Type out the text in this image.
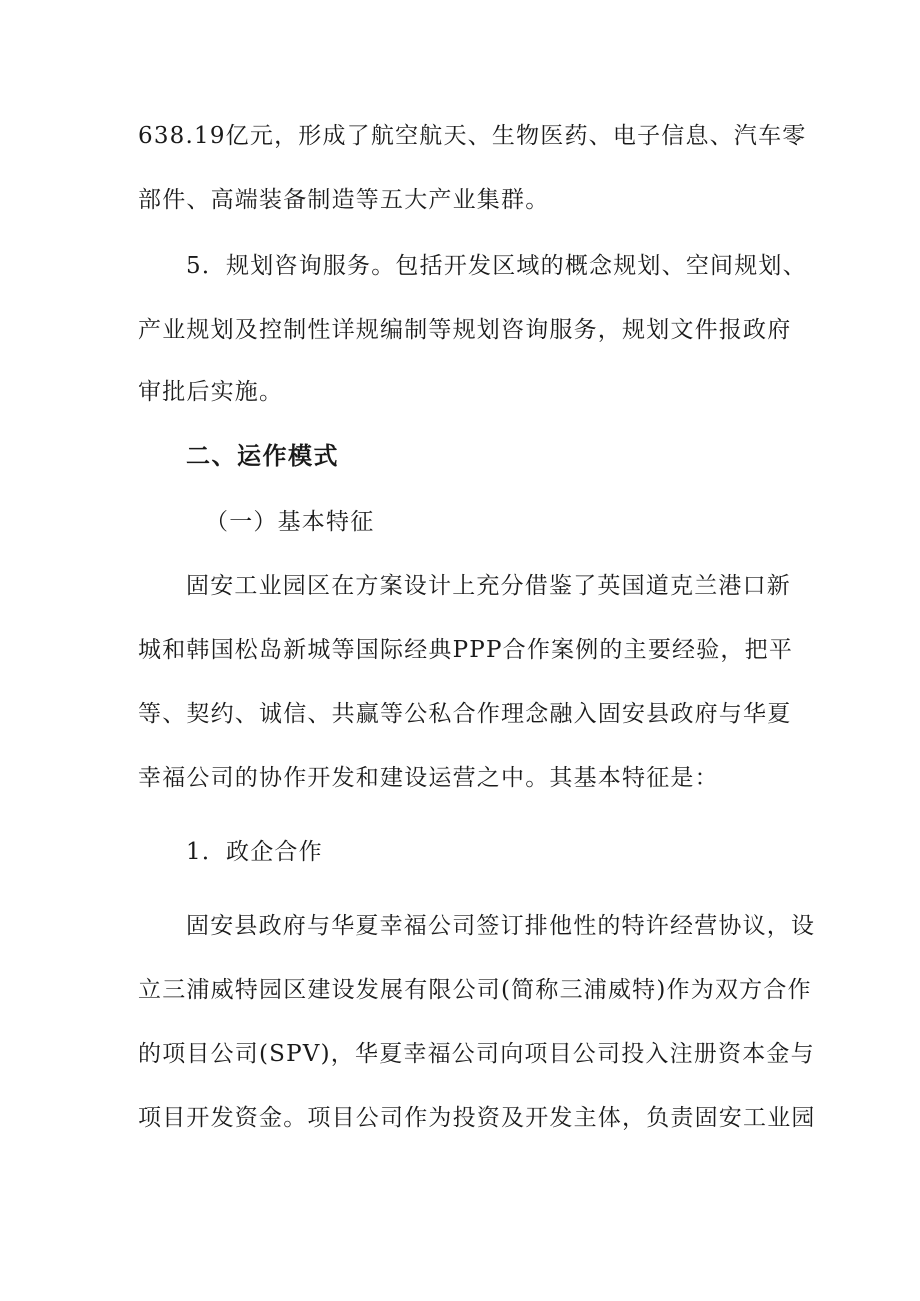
638.19亿元，形成了航空航天、生物医药、电子信息、汽车零
部件、高端装备制造等五大产业集群。
5．规划咨询服务。包括开发区域的概念规划、空间规划、
产业规划及控制性详规编制等规划咨询服务，规划文件报政府
审批后实施。
二、运作模式
（一）基本特征
固安工业园区在方案设计上充分借鉴了英国道克兰港口新
城和韩国松岛新城等国际经典PPP合作案例的主要经验，把平
等、契约、诚信、共赢等公私合作理念融入固安县政府与华夏
幸福公司的协作开发和建设运营之中。其基本特征是：
1．政企合作
固安县政府与华夏幸福公司签订排他性的特许经营协议，设
立三浦威特园区建设发展有限公司(简称三浦威特)作为双方合作
的项目公司(SPV)，华夏幸福公司向项目公司投入注册资本金与
项目开发资金。项目公司作为投资及开发主体，负责固安工业园
